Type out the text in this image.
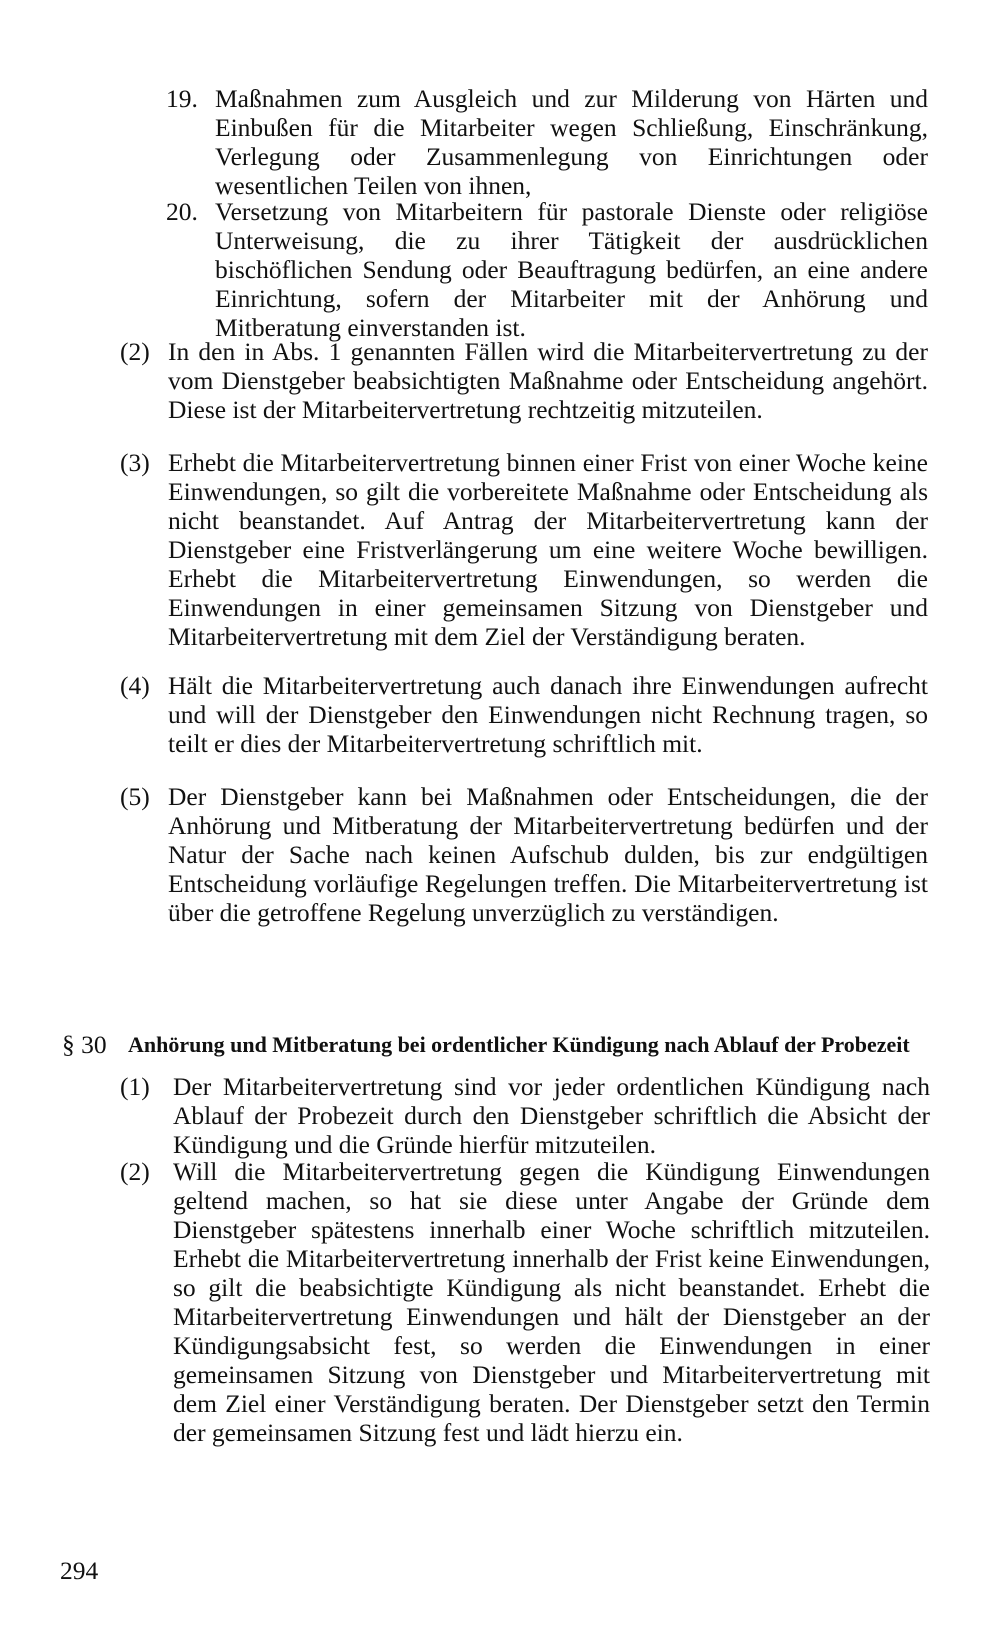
19. Maßnahmen zum Ausgleich und zur Milderung von Härten und Einbußen für die Mitarbeiter wegen Schließung, Einschränkung, Verlegung oder Zusammenlegung von Einrichtungen oder wesentlichen Teilen von ihnen,
20. Versetzung von Mitarbeitern für pastorale Dienste oder religiöse Unterweisung, die zu ihrer Tätigkeit der ausdrücklichen bischöflichen Sendung oder Beauftragung bedürfen, an eine andere Einrichtung, sofern der Mitarbeiter mit der Anhörung und Mitberatung einverstanden ist.
(2) In den in Abs. 1 genannten Fällen wird die Mitarbeitervertretung zu der vom Dienstgeber beabsichtigten Maßnahme oder Entscheidung angehört. Diese ist der Mitarbeitervertretung rechtzeitig mitzuteilen.
(3) Erhebt die Mitarbeitervertretung binnen einer Frist von einer Woche keine Einwendungen, so gilt die vorbereitete Maßnahme oder Entscheidung als nicht beanstandet. Auf Antrag der Mitarbeitervertretung kann der Dienstgeber eine Fristverlängerung um eine weitere Woche bewilligen. Erhebt die Mitarbeitervertretung Einwendungen, so werden die Einwendungen in einer gemeinsamen Sitzung von Dienstgeber und Mitarbeitervertretung mit dem Ziel der Verständigung beraten.
(4) Hält die Mitarbeitervertretung auch danach ihre Einwendungen aufrecht und will der Dienstgeber den Einwendungen nicht Rechnung tragen, so teilt er dies der Mitarbeitervertretung schriftlich mit.
(5) Der Dienstgeber kann bei Maßnahmen oder Entscheidungen, die der Anhörung und Mitberatung der Mitarbeitervertretung bedürfen und der Natur der Sache nach keinen Aufschub dulden, bis zur endgültigen Entscheidung vorläufige Regelungen treffen. Die Mitarbeitervertretung ist über die getroffene Regelung unverzüglich zu verständigen.
§ 30 Anhörung und Mitberatung bei ordentlicher Kündigung nach Ablauf der Probezeit
(1) Der Mitarbeitervertretung sind vor jeder ordentlichen Kündigung nach Ablauf der Probezeit durch den Dienstgeber schriftlich die Absicht der Kündigung und die Gründe hierfür mitzuteilen.
(2) Will die Mitarbeitervertretung gegen die Kündigung Einwendungen geltend machen, so hat sie diese unter Angabe der Gründe dem Dienstgeber spätestens innerhalb einer Woche schriftlich mitzuteilen. Erhebt die Mitarbeitervertretung innerhalb der Frist keine Einwendungen, so gilt die beabsichtigte Kündigung als nicht beanstandet. Erhebt die Mitarbeitervertretung Einwendungen und hält der Dienstgeber an der Kündigungsabsicht fest, so werden die Einwendungen in einer gemeinsamen Sitzung von Dienstgeber und Mitarbeitervertretung mit dem Ziel einer Verständigung beraten. Der Dienstgeber setzt den Termin der gemeinsamen Sitzung fest und lädt hierzu ein.
294
